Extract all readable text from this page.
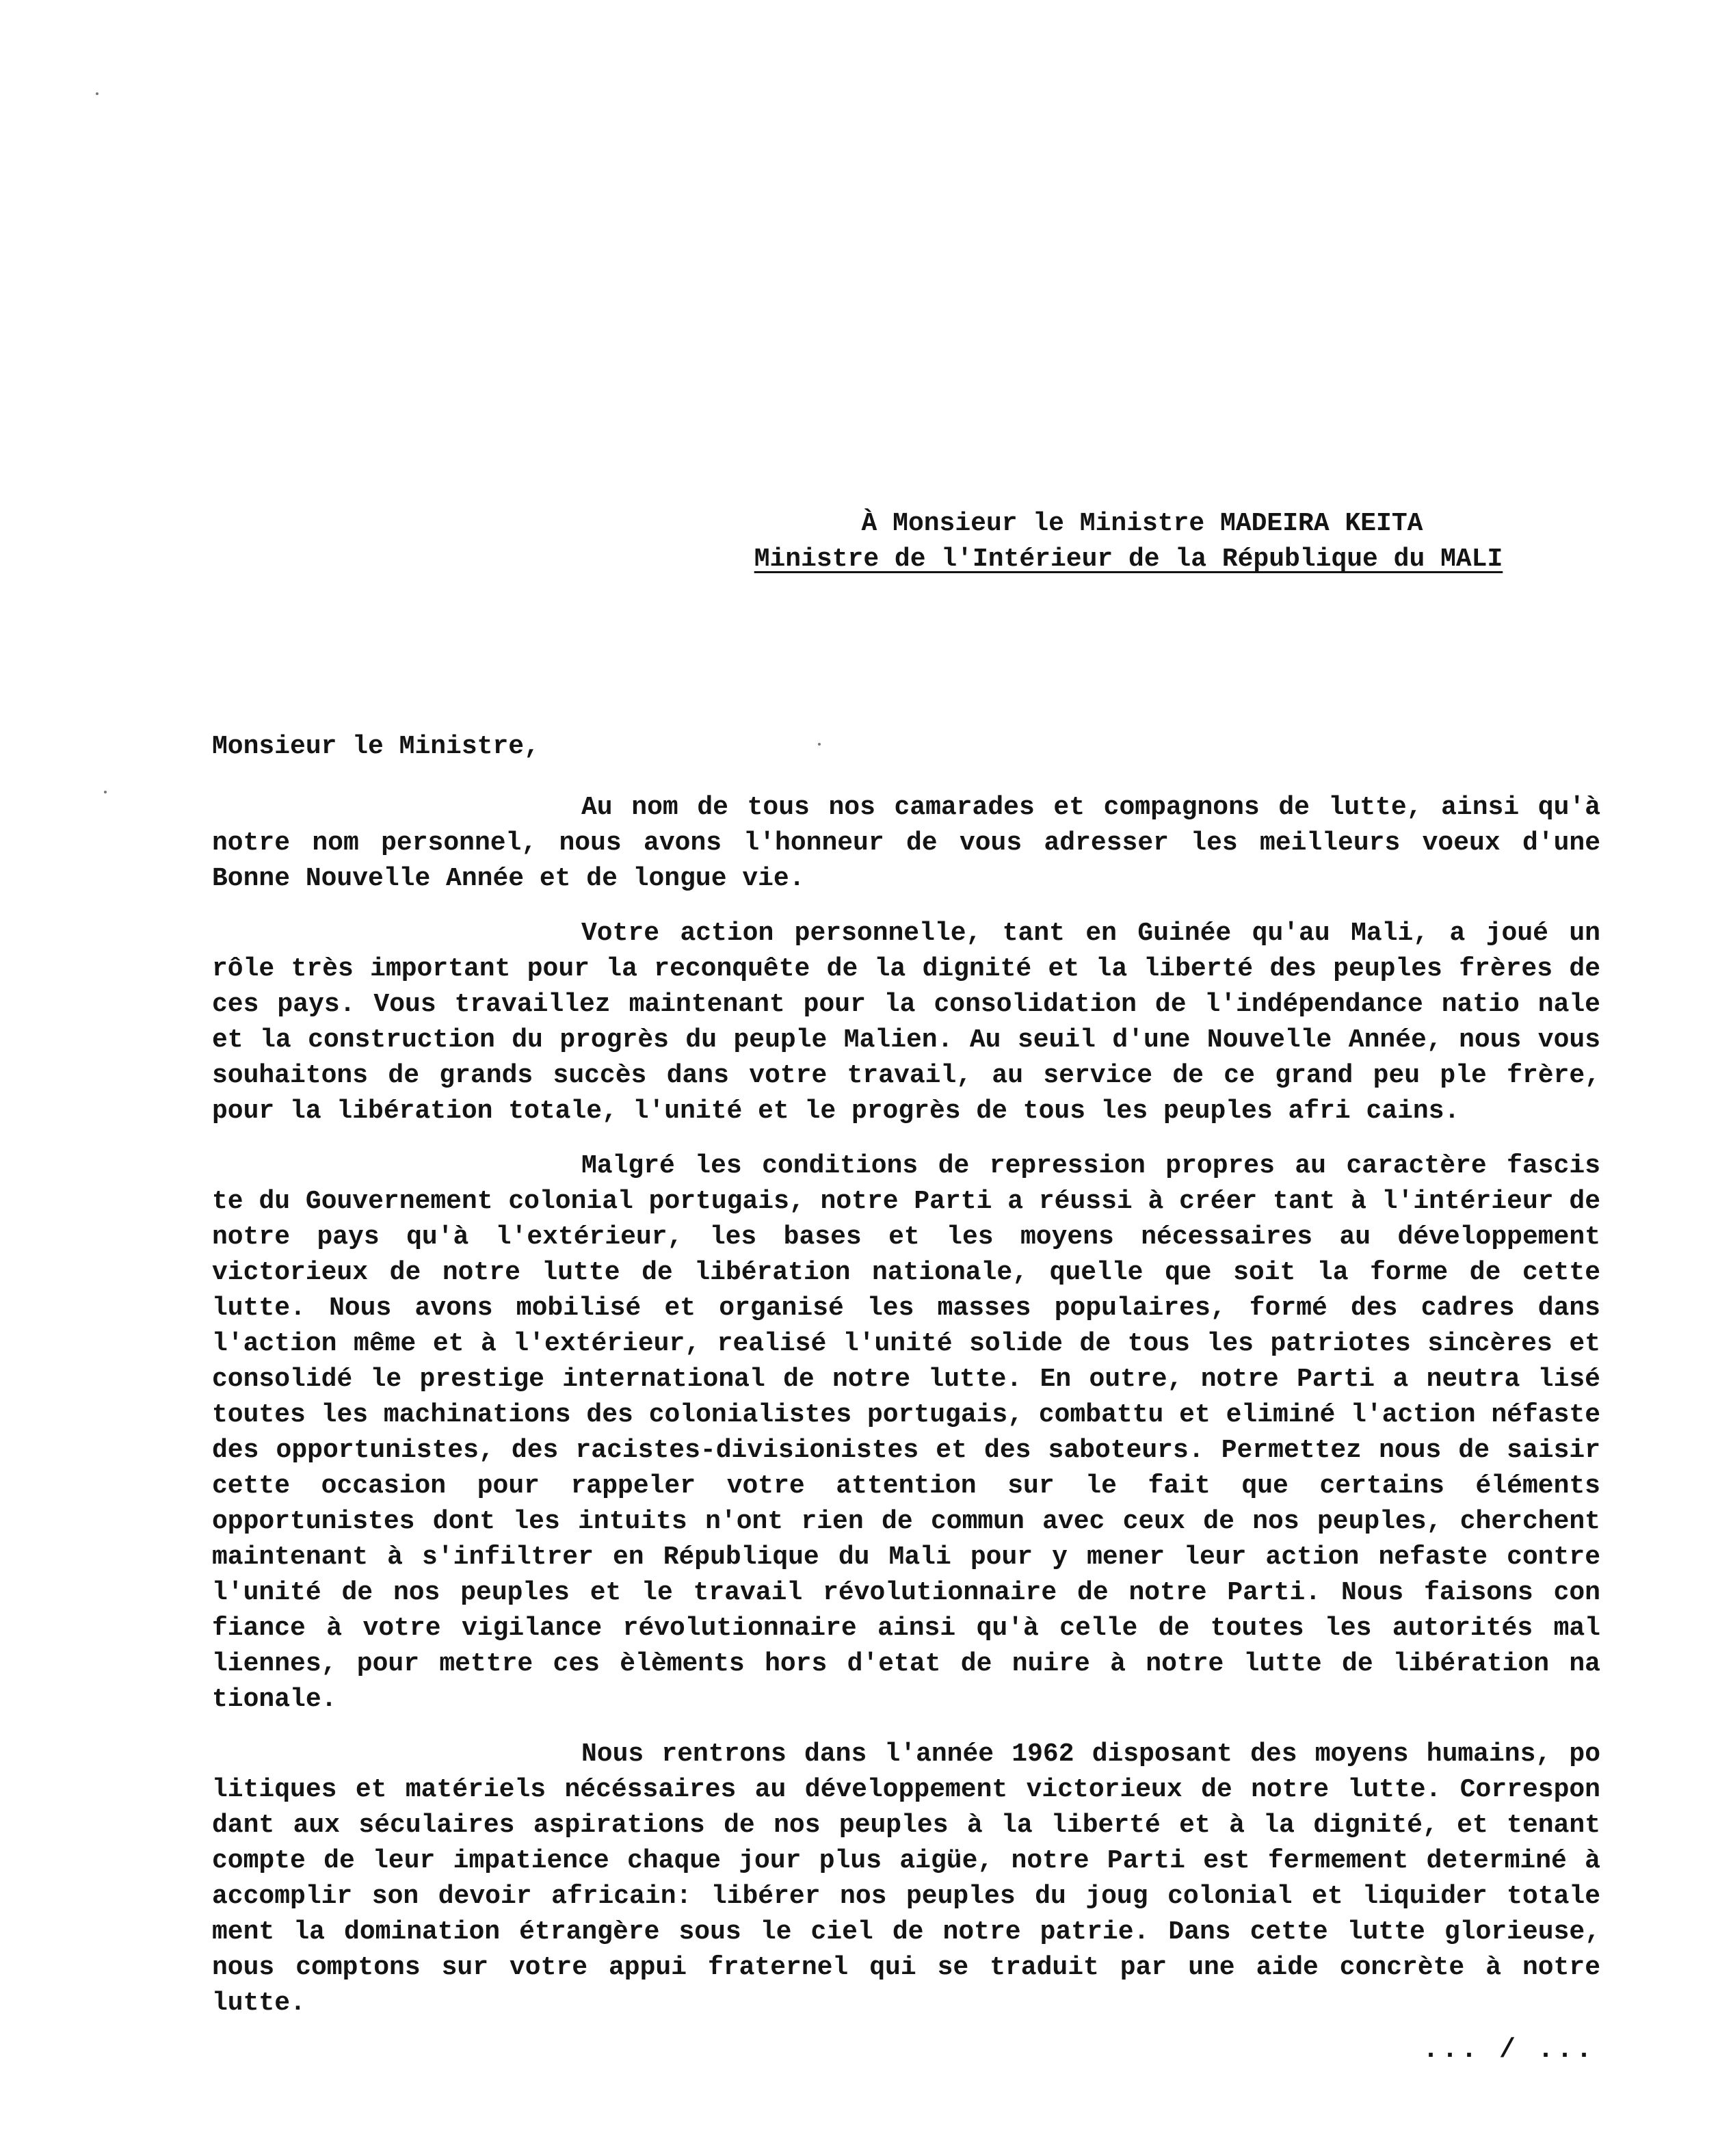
À Monsieur le Ministre MADEIRA KEITA
Ministre de l'Intérieur de la République du MALI
Monsieur le Ministre,

Au nom de tous nos camarades et compagnons de lutte, ainsi qu'à notre nom personnel, nous avons l'honneur de vous adresser les meilleurs voeux d'une Bonne Nouvelle Année et de longue vie.

Votre action personnelle, tant en Guinée qu'au Mali, a joué un rôle très important pour la reconquête de la dignité et la liberté des peuples frères de ces pays. Vous travaillez maintenant pour la consolidation de l'indépendance natio nale et la construction du progrès du peuple Malien. Au seuil d'une Nouvelle Année, nous vous souhaitons de grands succès dans votre travail, au service de ce grand peu ple frère, pour la libération totale, l'unité et le progrès de tous les peuples afri cains.

Malgré les conditions de repression propres au caractère fascis te du Gouvernement colonial portugais, notre Parti a réussi à créer tant à l'intérieur de notre pays qu'à l'extérieur, les bases et les moyens nécessaires au développement victorieux de notre lutte de libération nationale, quelle que soit la forme de cette lutte. Nous avons mobilisé et organisé les masses populaires, formé des cadres dans l'action même et à l'extérieur, realisé l'unité solide de tous les patriotes sincères et consolidé le prestige international de notre lutte. En outre, notre Parti a neutra lisé toutes les machinations des colonialistes portugais, combattu et eliminé l'action néfaste des opportunistes, des racistes-divisionistes et des saboteurs. Permettez nous de saisir cette occasion pour rappeler votre attention sur le fait que certains éléments opportunistes dont les intuits n'ont rien de commun avec ceux de nos peuples, cherchent maintenant à s'infiltrer en République du Mali pour y mener leur action nefaste contre l'unité de nos peuples et le travail révolutionnaire de notre Parti. Nous faisons con fiance à votre vigilance révolutionnaire ainsi qu'à celle de toutes les autorités mal liennes, pour mettre ces èlèments hors d'etat de nuire à notre lutte de libération na tionale.

Nous rentrons dans l'année 1962 disposant des moyens humains, po litiques et matériels nécéssaires au développement victorieux de notre lutte. Correspon dant aux séculaires aspirations de nos peuples à la liberté et à la dignité, et tenant compte de leur impatience chaque jour plus aigüe, notre Parti est fermement determiné à accomplir son devoir africain: libérer nos peuples du joug colonial et liquider totale ment la domination étrangère sous le ciel de notre patrie. Dans cette lutte glorieuse, nous comptons sur votre appui fraternel qui se traduit par une aide concrète à notre lutte.

... / ...
